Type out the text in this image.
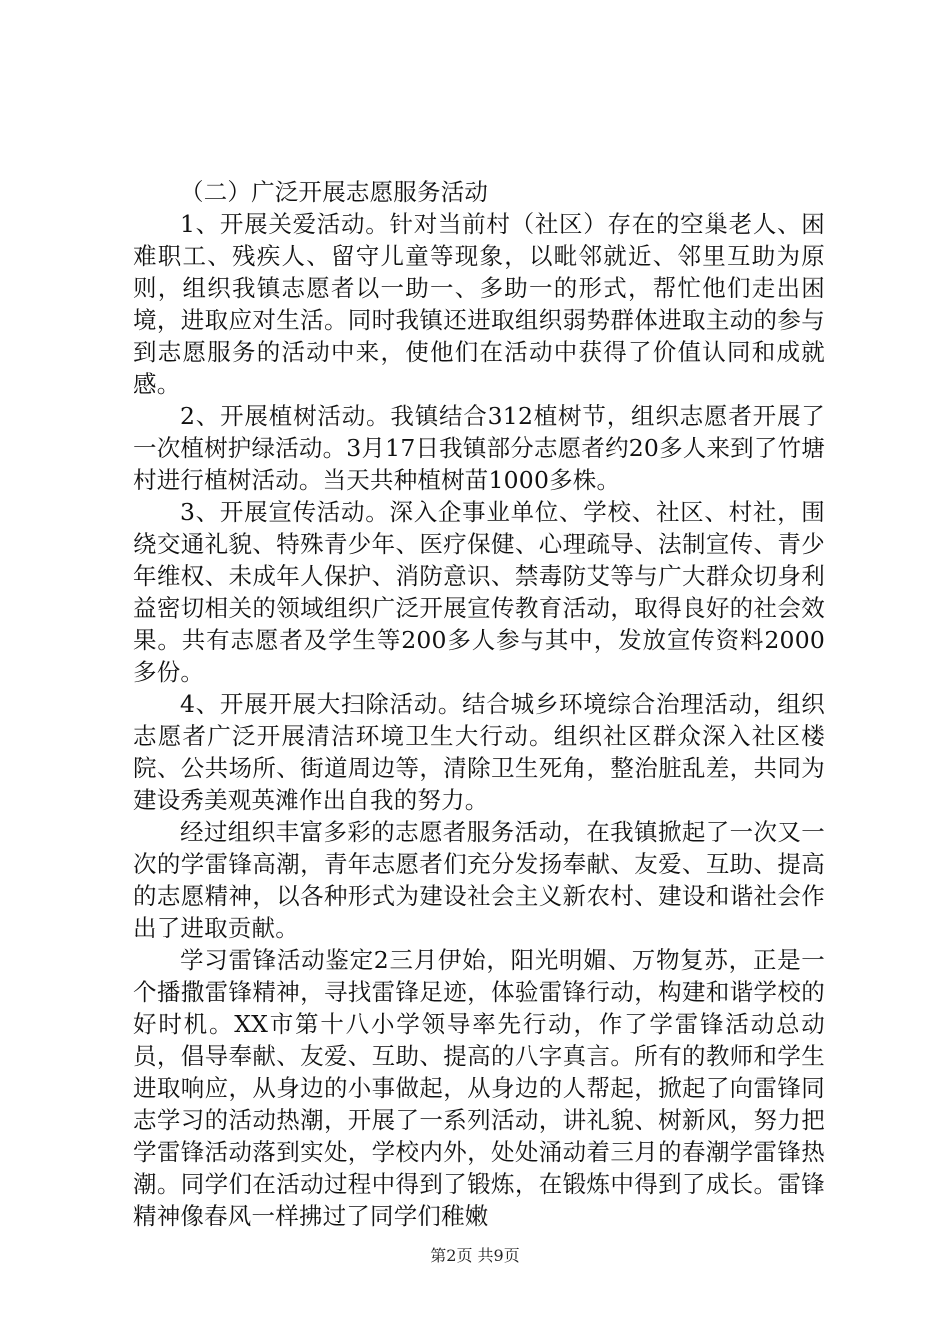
（二）广泛开展志愿服务活动

1、开展关爱活动。针对当前村（社区）存在的空巢老人、困难职工、残疾人、留守儿童等现象，以毗邻就近、邻里互助为原则，组织我镇志愿者以一助一、多助一的形式，帮忙他们走出困境，进取应对生活。同时我镇还进取组织弱势群体进取主动的参与到志愿服务的活动中来，使他们在活动中获得了价值认同和成就感。

2、开展植树活动。我镇结合312植树节，组织志愿者开展了一次植树护绿活动。3月17日我镇部分志愿者约20多人来到了竹塘村进行植树活动。当天共种植树苗1000多株。

3、开展宣传活动。深入企事业单位、学校、社区、村社，围绕交通礼貌、特殊青少年、医疗保健、心理疏导、法制宣传、青少年维权、未成年人保护、消防意识、禁毒防艾等与广大群众切身利益密切相关的领域组织广泛开展宣传教育活动，取得良好的社会效果。共有志愿者及学生等200多人参与其中，发放宣传资料2000多份。

4、开展开展大扫除活动。结合城乡环境综合治理活动，组织志愿者广泛开展清洁环境卫生大行动。组织社区群众深入社区楼院、公共场所、街道周边等，清除卫生死角，整治脏乱差，共同为建设秀美观英滩作出自我的努力。

经过组织丰富多彩的志愿者服务活动，在我镇掀起了一次又一次的学雷锋高潮，青年志愿者们充分发扬奉献、友爱、互助、提高的志愿精神，以各种形式为建设社会主义新农村、建设和谐社会作出了进取贡献。

学习雷锋活动鉴定2三月伊始，阳光明媚、万物复苏，正是一个播撒雷锋精神，寻找雷锋足迹，体验雷锋行动，构建和谐学校的好时机。XX市第十八小学领导率先行动，作了学雷锋活动总动员，倡导奉献、友爱、互助、提高的八字真言。所有的教师和学生进取响应，从身边的小事做起，从身边的人帮起，掀起了向雷锋同志学习的活动热潮，开展了一系列活动，讲礼貌、树新风，努力把学雷锋活动落到实处，学校内外，处处涌动着三月的春潮学雷锋热潮。同学们在活动过程中得到了锻炼，在锻炼中得到了成长。雷锋精神像春风一样拂过了同学们稚嫩

第2页 共9页
